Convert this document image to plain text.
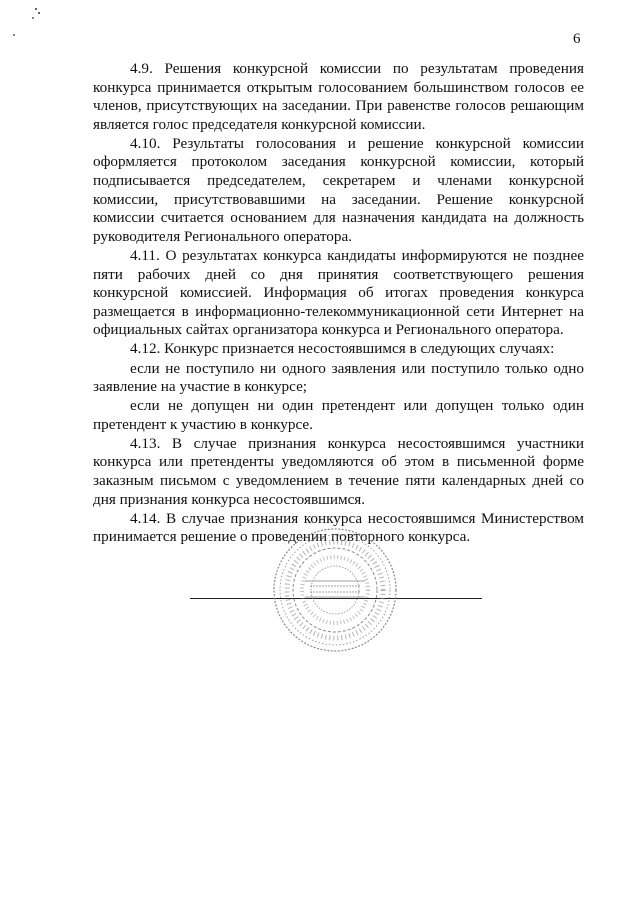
6

4.9. Решения конкурсной комиссии по результатам проведения конкурса принимается открытым голосованием большинством голосов ее членов, присутствующих на заседании. При равенстве голосов решающим является голос председателя конкурсной комиссии.

4.10. Результаты голосования и решение конкурсной комиссии оформляется протоколом заседания конкурсной комиссии, который подписывается председателем, секретарем и членами конкурсной комиссии, присутствовавшими на заседании. Решение конкурсной комиссии считается основанием для назначения кандидата на должность руководителя Регионального оператора.

4.11. О результатах конкурса кандидаты информируются не позднее пяти рабочих дней со дня принятия соответствующего решения конкурсной комиссией. Информация об итогах проведения конкурса размещается в информационно-телекоммуникационной сети Интернет на официальных сайтах организатора конкурса и Регионального оператора.

4.12. Конкурс признается несостоявшимся в следующих случаях:

если не поступило ни одного заявления или поступило только одно заявление на участие в конкурсе;

если не допущен ни один претендент или допущен только один претендент к участию в конкурсе.

4.13. В случае признания конкурса несостоявшимся участники конкурса или претенденты уведомляются об этом в письменной форме заказным письмом с уведомлением в течение пяти календарных дней со дня признания конкурса несостоявшимся.

4.14. В случае признания конкурса несостоявшимся Министерством принимается решение о проведении повторного конкурса.
